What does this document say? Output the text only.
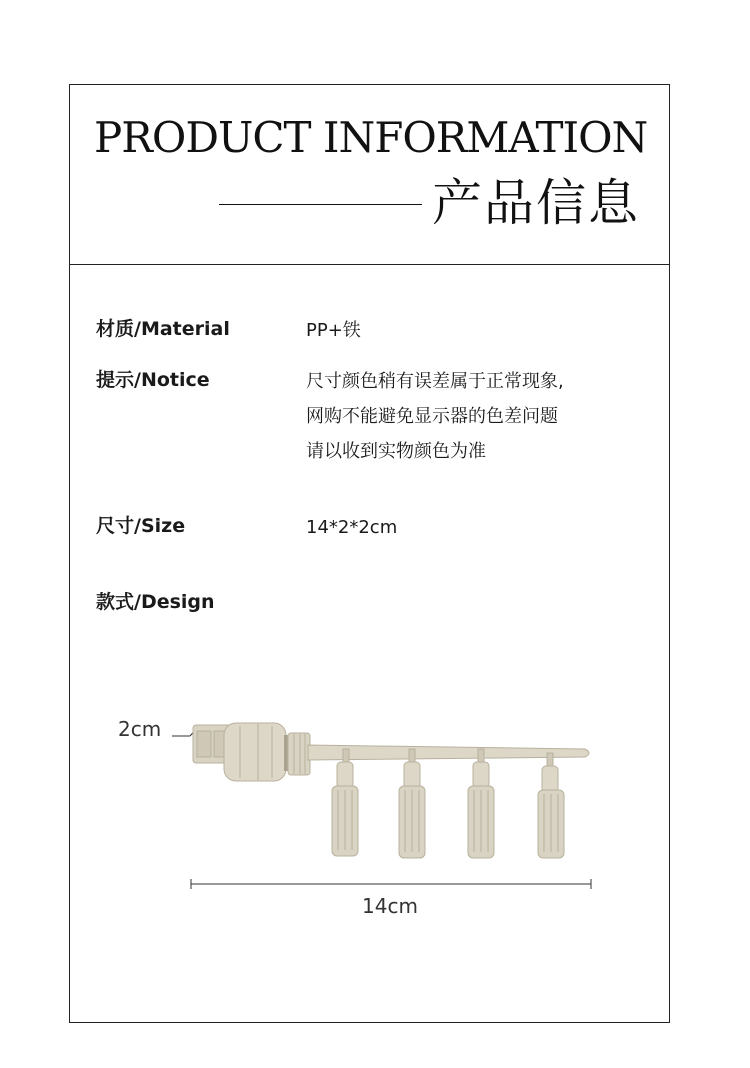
PRODUCT INFORMATION
产品信息
材质/Material	PP+铁
提示/Notice	尺寸颜色稍有误差属于正常现象,
网购不能避免显示器的色差问题
请以收到实物颜色为准
尺寸/Size	14*2*2cm
款式/Design
2cm
14cm
